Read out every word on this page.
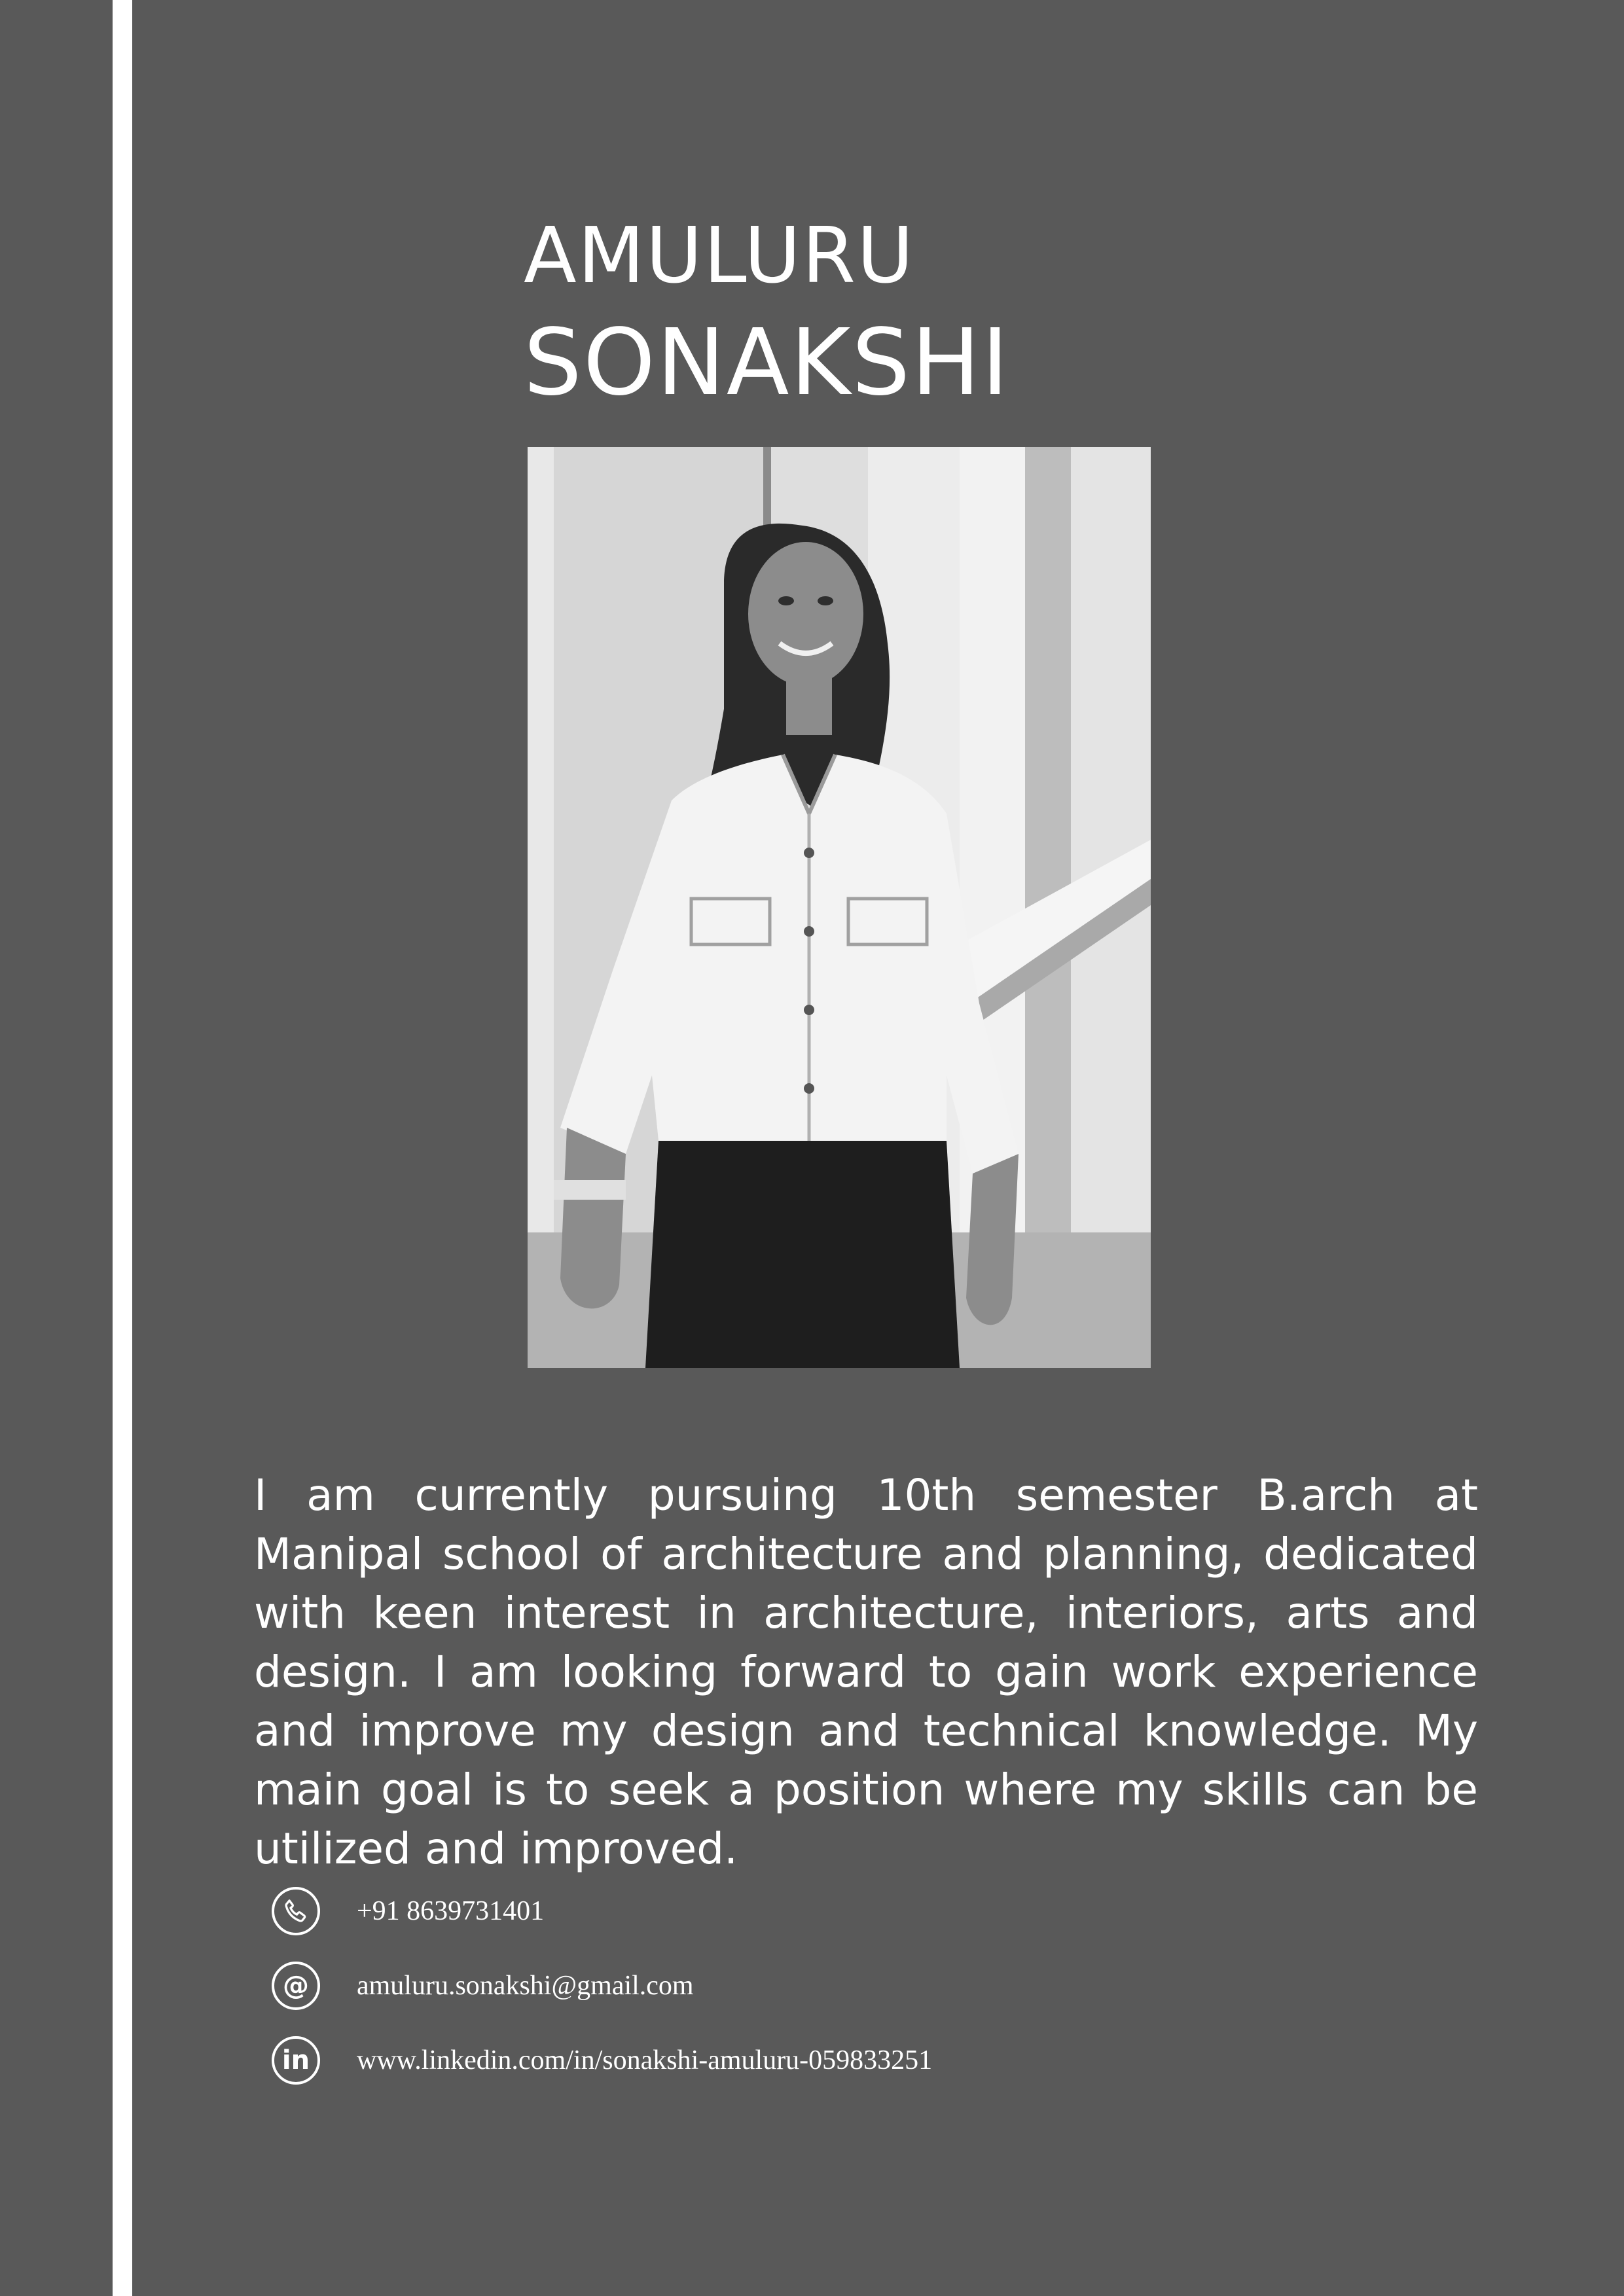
AMULURU
SONAKSHI

I am currently pursuing 10th semester B.arch at Manipal school of architecture and planning, dedicated with keen interest in architecture, interiors, arts and design. I am looking forward to gain work experience and improve my design and technical knowledge. My main goal is to seek a position where my skills can be utilized and improved.

+91 8639731401
@	amuluru.sonakshi@gmail.com
in	www.linkedin.com/in/sonakshi-amuluru-059833251
